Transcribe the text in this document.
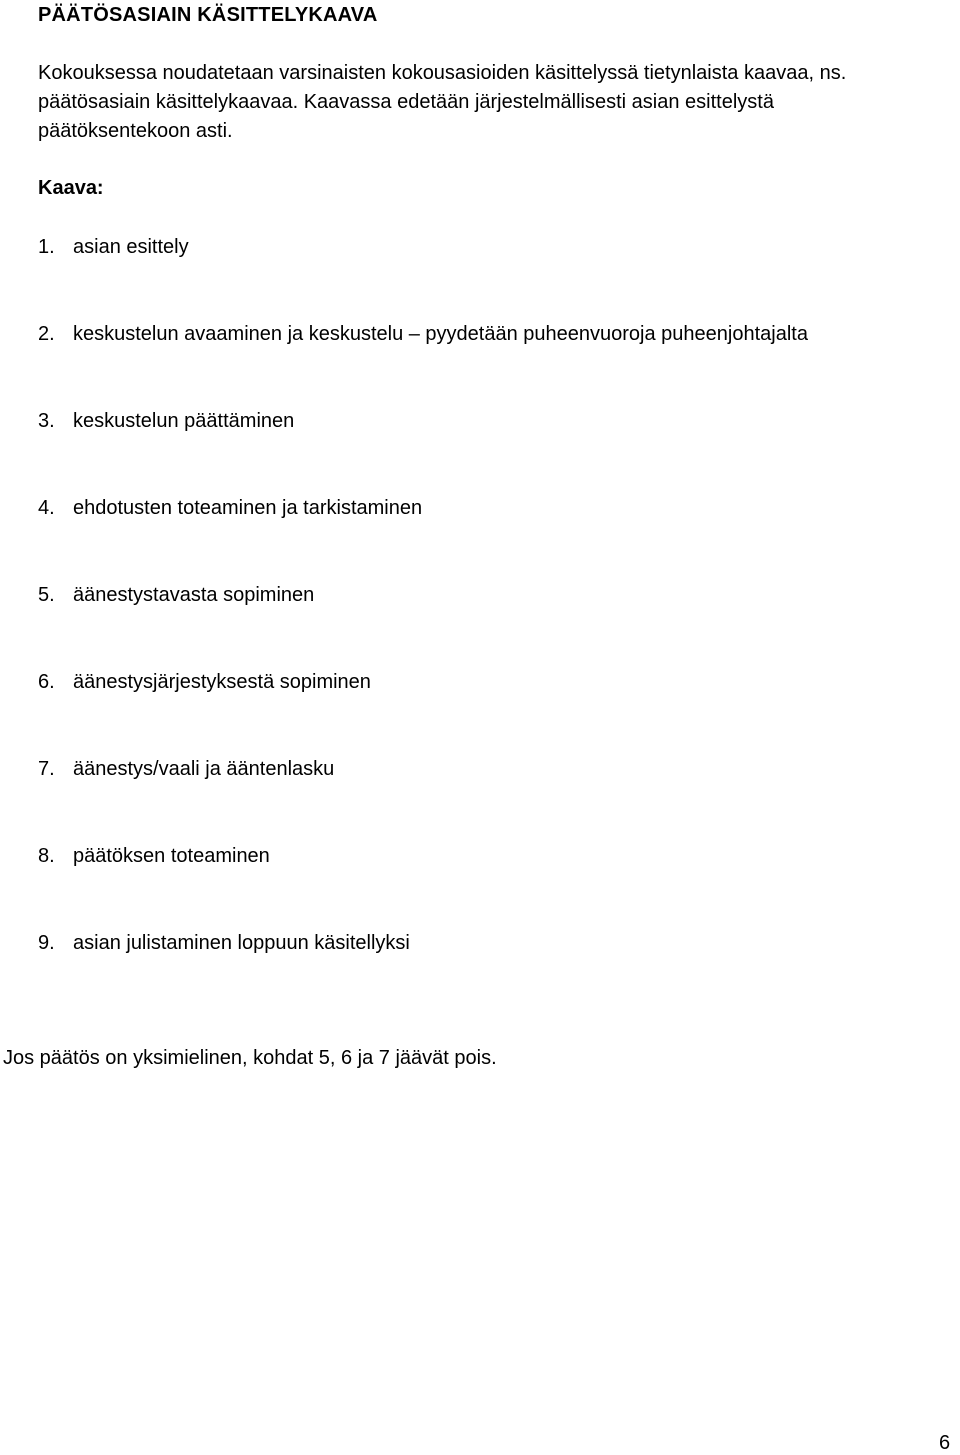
PÄÄTÖSASIAIN KÄSITTELYKAAVA
Kokouksessa noudatetaan varsinaisten kokousasioiden käsittelyssä tietynlaista kaavaa, ns.
päätösasiain käsittelykaavaa. Kaavassa edetään järjestelmällisesti asian esittelystä
päätöksentekoon asti.
Kaava:
1. asian esittely
2. keskustelun avaaminen ja keskustelu – pyydetään puheenvuoroja puheenjohtajalta
3. keskustelun päättäminen
4. ehdotusten toteaminen ja tarkistaminen
5. äänestystavasta sopiminen
6. äänestysjärjestyksestä sopiminen
7. äänestys/vaali ja ääntenlasku
8. päätöksen toteaminen
9. asian julistaminen loppuun käsitellyksi
Jos päätös on yksimielinen, kohdat 5, 6 ja 7 jäävät pois.
6
